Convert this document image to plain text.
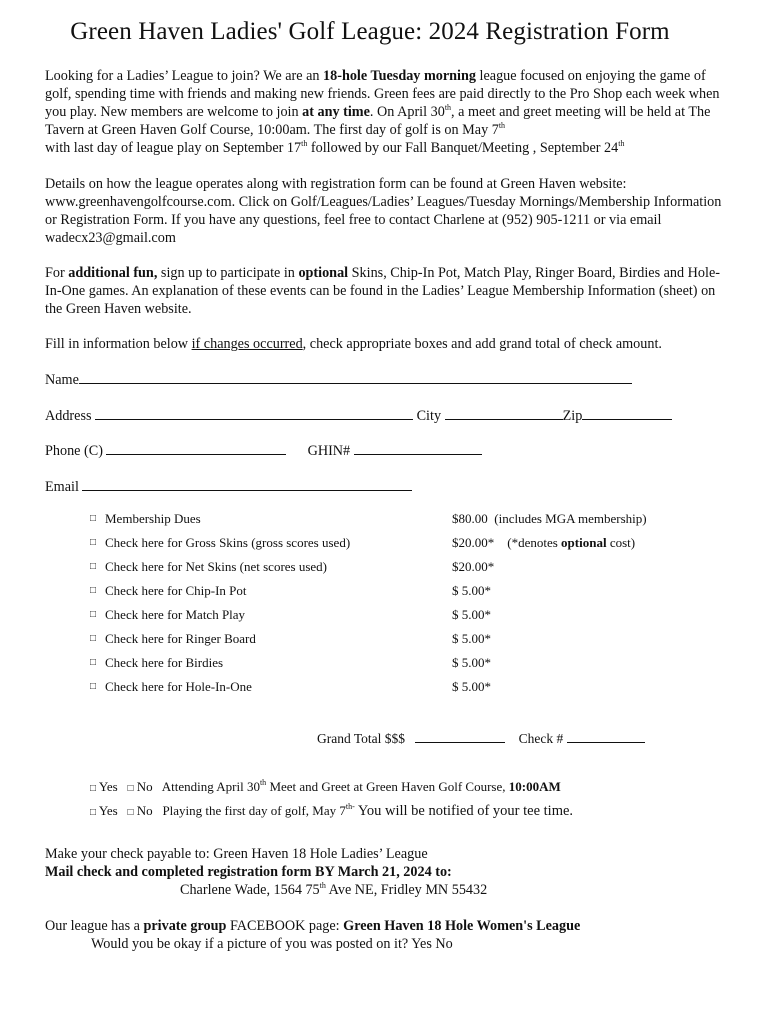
Green Haven Ladies' Golf League: 2024 Registration Form
Looking for a Ladies’ League to join? We are an 18-hole Tuesday morning league focused on enjoying the game of golf, spending time with friends and making new friends. Green fees are paid directly to the Pro Shop each week when you play. New members are welcome to join at any time. On April 30th, a meet and greet meeting will be held at The Tavern at Green Haven Golf Course, 10:00am. The first day of golf is on May 7th
with last day of league play on September 17th followed by our Fall Banquet/Meeting , September 24th
Details on how the league operates along with registration form can be found at Green Haven website: www.greenhavengolfcourse.com. Click on Golf/Leagues/Ladies’ Leagues/Tuesday Mornings/Membership Information or Registration Form. If you have any questions, feel free to contact Charlene at (952) 905-1211 or via email wadecx23@gmail.com
For additional fun, sign up to participate in optional Skins, Chip-In Pot, Match Play, Ringer Board, Birdies and Hole-In-One games. An explanation of these events can be found in the Ladies’ League Membership Information (sheet) on the Green Haven website.
Fill in information below if changes occurred, check appropriate boxes and add grand total of check amount.
Name
Address	City	Zip
Phone (C)	GHIN#
Email
□ Membership Dues	$80.00 (includes MGA membership)
□ Check here for Gross Skins (gross scores used)	$20.00* (*denotes optional cost)
□ Check here for Net Skins (net scores used)	$20.00*
□ Check here for Chip-In Pot	$ 5.00*
□ Check here for Match Play	$ 5.00*
□ Check here for Ringer Board	$ 5.00*
□ Check here for Birdies	$ 5.00*
□ Check here for Hole-In-One	$ 5.00*
Grand Total $$$	Check #
□ Yes □ No Attending April 30th Meet and Greet at Green Haven Golf Course, 10:00AM
□ Yes □ No Playing the first day of golf, May $7^{th-}$ You will be notified of your tee time.
Make your check payable to: Green Haven 18 Hole Ladies’ League
Mail check and completed registration form BY March 21, 2024 to:
Charlene Wade, 1564 75th Ave NE, Fridley MN 55432
Our league has a private group FACEBOOK page: Green Haven 18 Hole Women's League
Would you be okay if a picture of you was posted on it? Yes No
